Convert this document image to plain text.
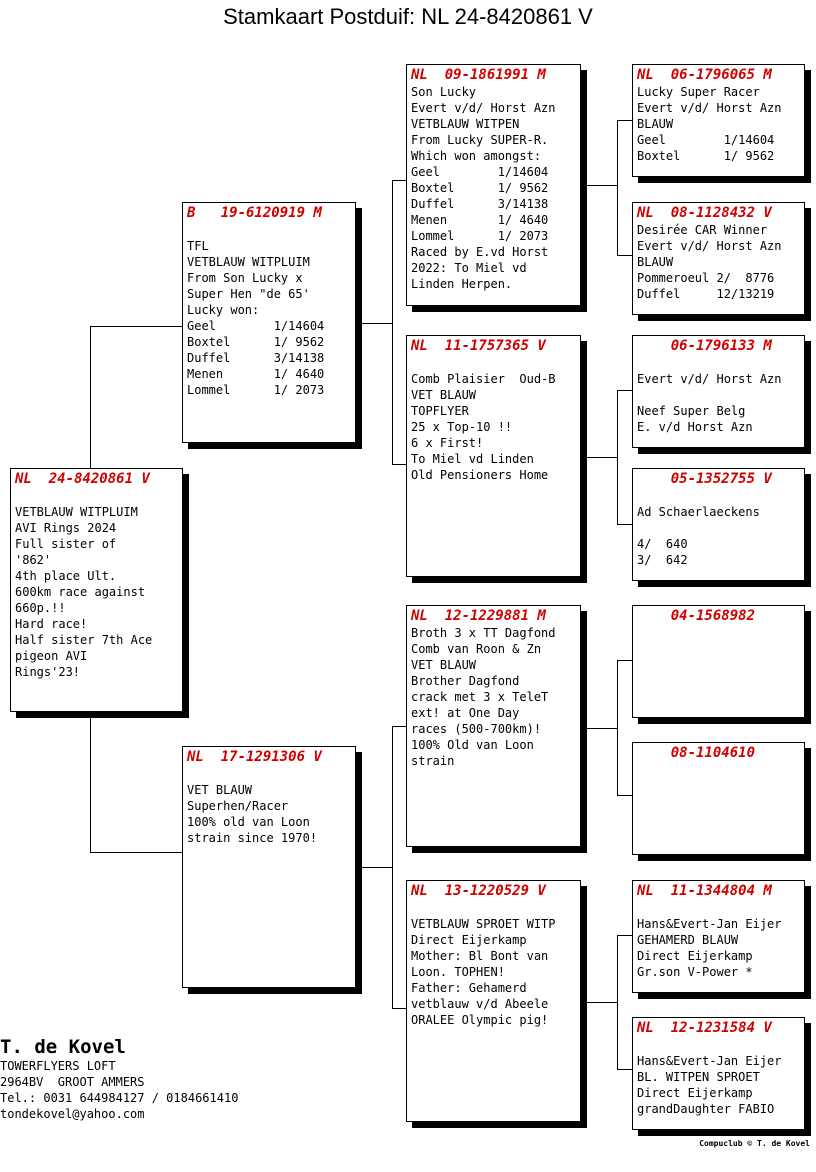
Stamkaart Postduif: NL 24-8420861 V
NL  24-8420861 V
VETBLAUW WITPLUIM
AVI Rings 2024
Full sister of
'862'
4th place Ult.
600km race against
660p.!!
Hard race!
Half sister 7th Ace
pigeon AVI
Rings'23!
B   19-6120919 M
TFL
VETBLAUW WITPLUIM
From Son Lucky x
Super Hen "de 65'
Lucky won:
Geel        1/14604
Boxtel      1/ 9562
Duffel      3/14138
Menen       1/ 4640
Lommel      1/ 2073
NL  17-1291306 V
VET BLAUW
Superhen/Racer
100% old van Loon
strain since 1970!
NL  09-1861991 M
Son Lucky
Evert v/d/ Horst Azn
VETBLAUW WITPEN
From Lucky SUPER-R.
Which won amongst:
Geel        1/14604
Boxtel      1/ 9562
Duffel      3/14138
Menen       1/ 4640
Lommel      1/ 2073
Raced by E.vd Horst
2022: To Miel vd
Linden Herpen.
NL  11-1757365 V
Comb Plaisier  Oud-B
VET BLAUW
TOPFLYER
25 x Top-10 !!
6 x First!
To Miel vd Linden
Old Pensioners Home
NL  12-1229881 M
Broth 3 x TT Dagfond
Comb van Roon & Zn
VET BLAUW
Brother Dagfond
crack met 3 x TeleT
ext! at One Day
races (500-700km)!
100% Old van Loon
strain
NL  13-1220529 V
VETBLAUW SPROET WITP
Direct Eijerkamp
Mother: Bl Bont van
Loon. TOPHEN!
Father: Gehamerd
vetblauw v/d Abeele
ORALEE Olympic pig!
NL  06-1796065 M
Lucky Super Racer
Evert v/d/ Horst Azn
BLAUW
Geel        1/14604
Boxtel      1/ 9562
NL  08-1128432 V
Desirée CAR Winner
Evert v/d/ Horst Azn
BLAUW
Pommeroeul 2/  8776
Duffel     12/13219
06-1796133 M
Evert v/d/ Horst Azn
Neef Super Belg
E. v/d Horst Azn
05-1352755 V
Ad Schaerlaeckens
4/  640
3/  642
04-1568982
08-1104610
NL  11-1344804 M
Hans&Evert-Jan Eijer
GEHAMERD BLAUW
Direct Eijerkamp
Gr.son V-Power *
NL  12-1231584 V
Hans&Evert-Jan Eijer
BL. WITPEN SPROET
Direct Eijerkamp
grandDaughter FABIO
T. de Kovel
TOWERFLYERS LOFT
2964BV  GROOT AMMERS
Tel.: 0031 644984127 / 0184661410
tondekovel@yahoo.com
Compuclub © T. de Kovel
